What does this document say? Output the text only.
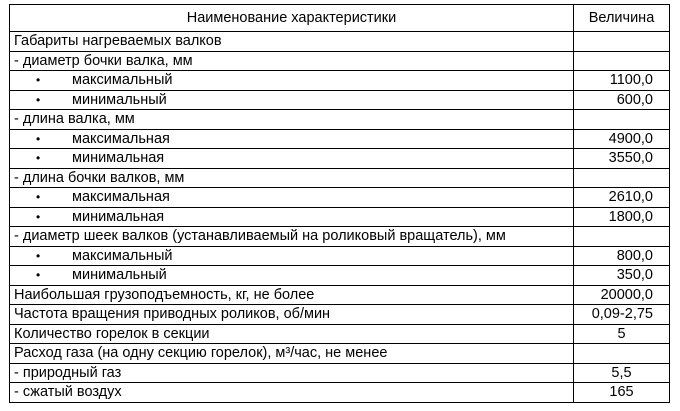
Наименование характеристики	Величина
Габариты нагреваемых валков	
- диаметр бочки валка, мм	
• максимальный	1100,0
• минимальный	600,0
- длина валка, мм	
• максимальная	4900,0
• минимальная	3550,0
- длина бочки валков, мм	
• максимальная	2610,0
• минимальная	1800,0
- диаметр шеек валков (устанавливаемый на роликовый вращатель), мм	
• максимальный	800,0
• минимальный	350,0
Наибольшая грузоподъемность, кг, не более	20000,0
Частота вращения приводных роликов, об/мин	0,09-2,75
Количество горелок в секции	5
Расход газа (на одну секцию горелок), м³/час, не менее	
- природный газ	5,5
- сжатый воздух	165
